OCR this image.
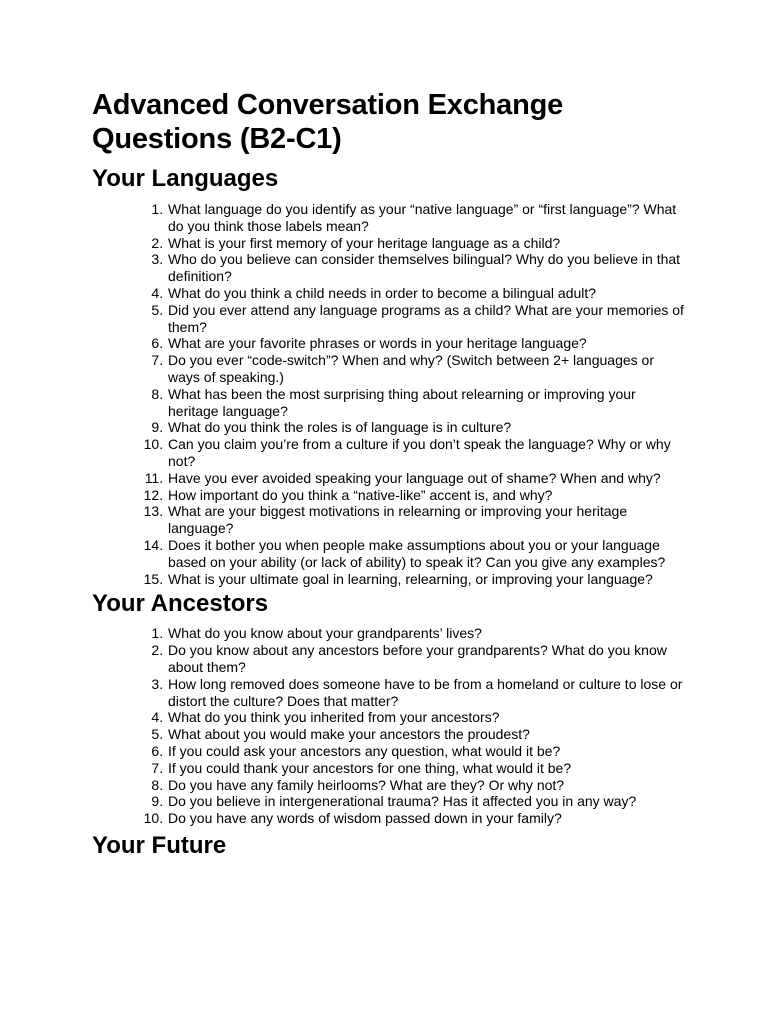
Advanced Conversation Exchange Questions (B2-C1)
Your Languages
1. What language do you identify as your “native language” or “first language”? What do you think those labels mean?
2. What is your first memory of your heritage language as a child?
3. Who do you believe can consider themselves bilingual? Why do you believe in that definition?
4. What do you think a child needs in order to become a bilingual adult?
5. Did you ever attend any language programs as a child? What are your memories of them?
6. What are your favorite phrases or words in your heritage language?
7. Do you ever “code-switch”? When and why? (Switch between 2+ languages or ways of speaking.)
8. What has been the most surprising thing about relearning or improving your heritage language?
9. What do you think the roles is of language is in culture?
10. Can you claim you’re from a culture if you don’t speak the language? Why or why not?
11. Have you ever avoided speaking your language out of shame? When and why?
12. How important do you think a “native-like” accent is, and why?
13. What are your biggest motivations in relearning or improving your heritage language?
14. Does it bother you when people make assumptions about you or your language based on your ability (or lack of ability) to speak it? Can you give any examples?
15. What is your ultimate goal in learning, relearning, or improving your language?
Your Ancestors
1. What do you know about your grandparents’ lives?
2. Do you know about any ancestors before your grandparents? What do you know about them?
3. How long removed does someone have to be from a homeland or culture to lose or distort the culture? Does that matter?
4. What do you think you inherited from your ancestors?
5. What about you would make your ancestors the proudest?
6. If you could ask your ancestors any question, what would it be?
7. If you could thank your ancestors for one thing, what would it be?
8. Do you have any family heirlooms? What are they? Or why not?
9. Do you believe in intergenerational trauma? Has it affected you in any way?
10. Do you have any words of wisdom passed down in your family?
Your Future
